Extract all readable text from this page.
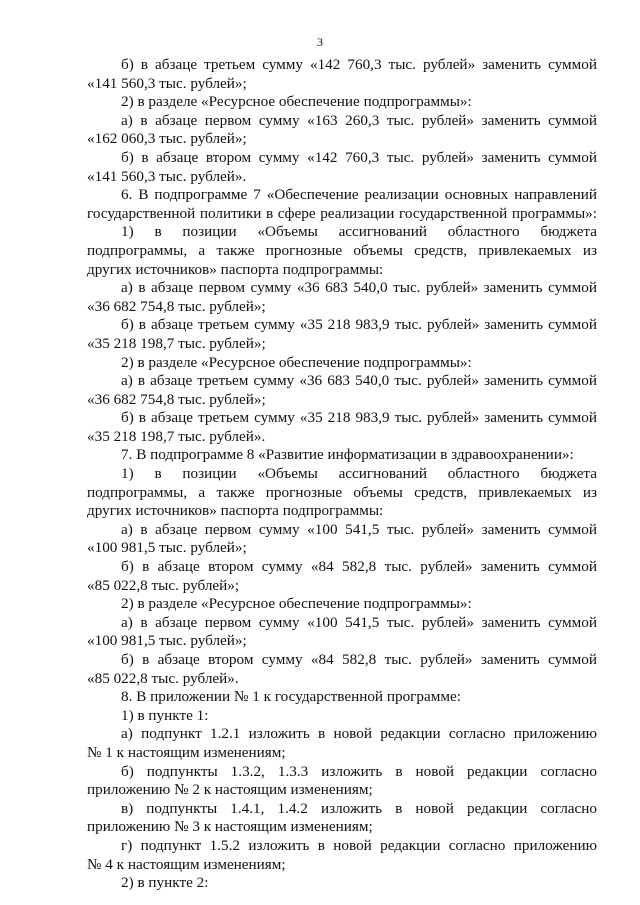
3
б) в абзаце третьем сумму «142 760,3 тыс. рублей» заменить суммой
«141 560,3 тыс. рублей»;
2) в разделе «Ресурсное обеспечение подпрограммы»:
а) в абзаце первом сумму «163 260,3 тыс. рублей» заменить суммой
«162 060,3 тыс. рублей»;
б) в абзаце втором сумму «142 760,3 тыс. рублей» заменить суммой
«141 560,3 тыс. рублей».
6. В подпрограмме 7 «Обеспечение реализации основных направлений
государственной политики в сфере реализации государственной программы»:
1) в позиции «Объемы ассигнований областного бюджета
подпрограммы, а также прогнозные объемы средств, привлекаемых из
других источников» паспорта подпрограммы:
а) в абзаце первом сумму «36 683 540,0 тыс. рублей» заменить суммой
«36 682 754,8 тыс. рублей»;
б) в абзаце третьем сумму «35 218 983,9 тыс. рублей» заменить суммой
«35 218 198,7 тыс. рублей»;
2) в разделе «Ресурсное обеспечение подпрограммы»:
а) в абзаце третьем сумму «36 683 540,0 тыс. рублей» заменить суммой
«36 682 754,8 тыс. рублей»;
б) в абзаце третьем сумму «35 218 983,9 тыс. рублей» заменить суммой
«35 218 198,7 тыс. рублей».
7. В подпрограмме 8 «Развитие информатизации в здравоохранении»:
1) в позиции «Объемы ассигнований областного бюджета
подпрограммы, а также прогнозные объемы средств, привлекаемых из
других источников» паспорта подпрограммы:
а) в абзаце первом сумму «100 541,5 тыс. рублей» заменить суммой
«100 981,5 тыс. рублей»;
б) в абзаце втором сумму «84 582,8 тыс. рублей» заменить суммой
«85 022,8 тыс. рублей»;
2) в разделе «Ресурсное обеспечение подпрограммы»:
а) в абзаце первом сумму «100 541,5 тыс. рублей» заменить суммой
«100 981,5 тыс. рублей»;
б) в абзаце втором сумму «84 582,8 тыс. рублей» заменить суммой
«85 022,8 тыс. рублей».
8. В приложении № 1 к государственной программе:
1) в пункте 1:
а) подпункт 1.2.1 изложить в новой редакции согласно приложению
№ 1 к настоящим изменениям;
б) подпункты 1.3.2, 1.3.3 изложить в новой редакции согласно
приложению № 2 к настоящим изменениям;
в) подпункты 1.4.1, 1.4.2 изложить в новой редакции согласно
приложению № 3 к настоящим изменениям;
г) подпункт 1.5.2 изложить в новой редакции согласно приложению
№ 4 к настоящим изменениям;
2) в пункте 2:
